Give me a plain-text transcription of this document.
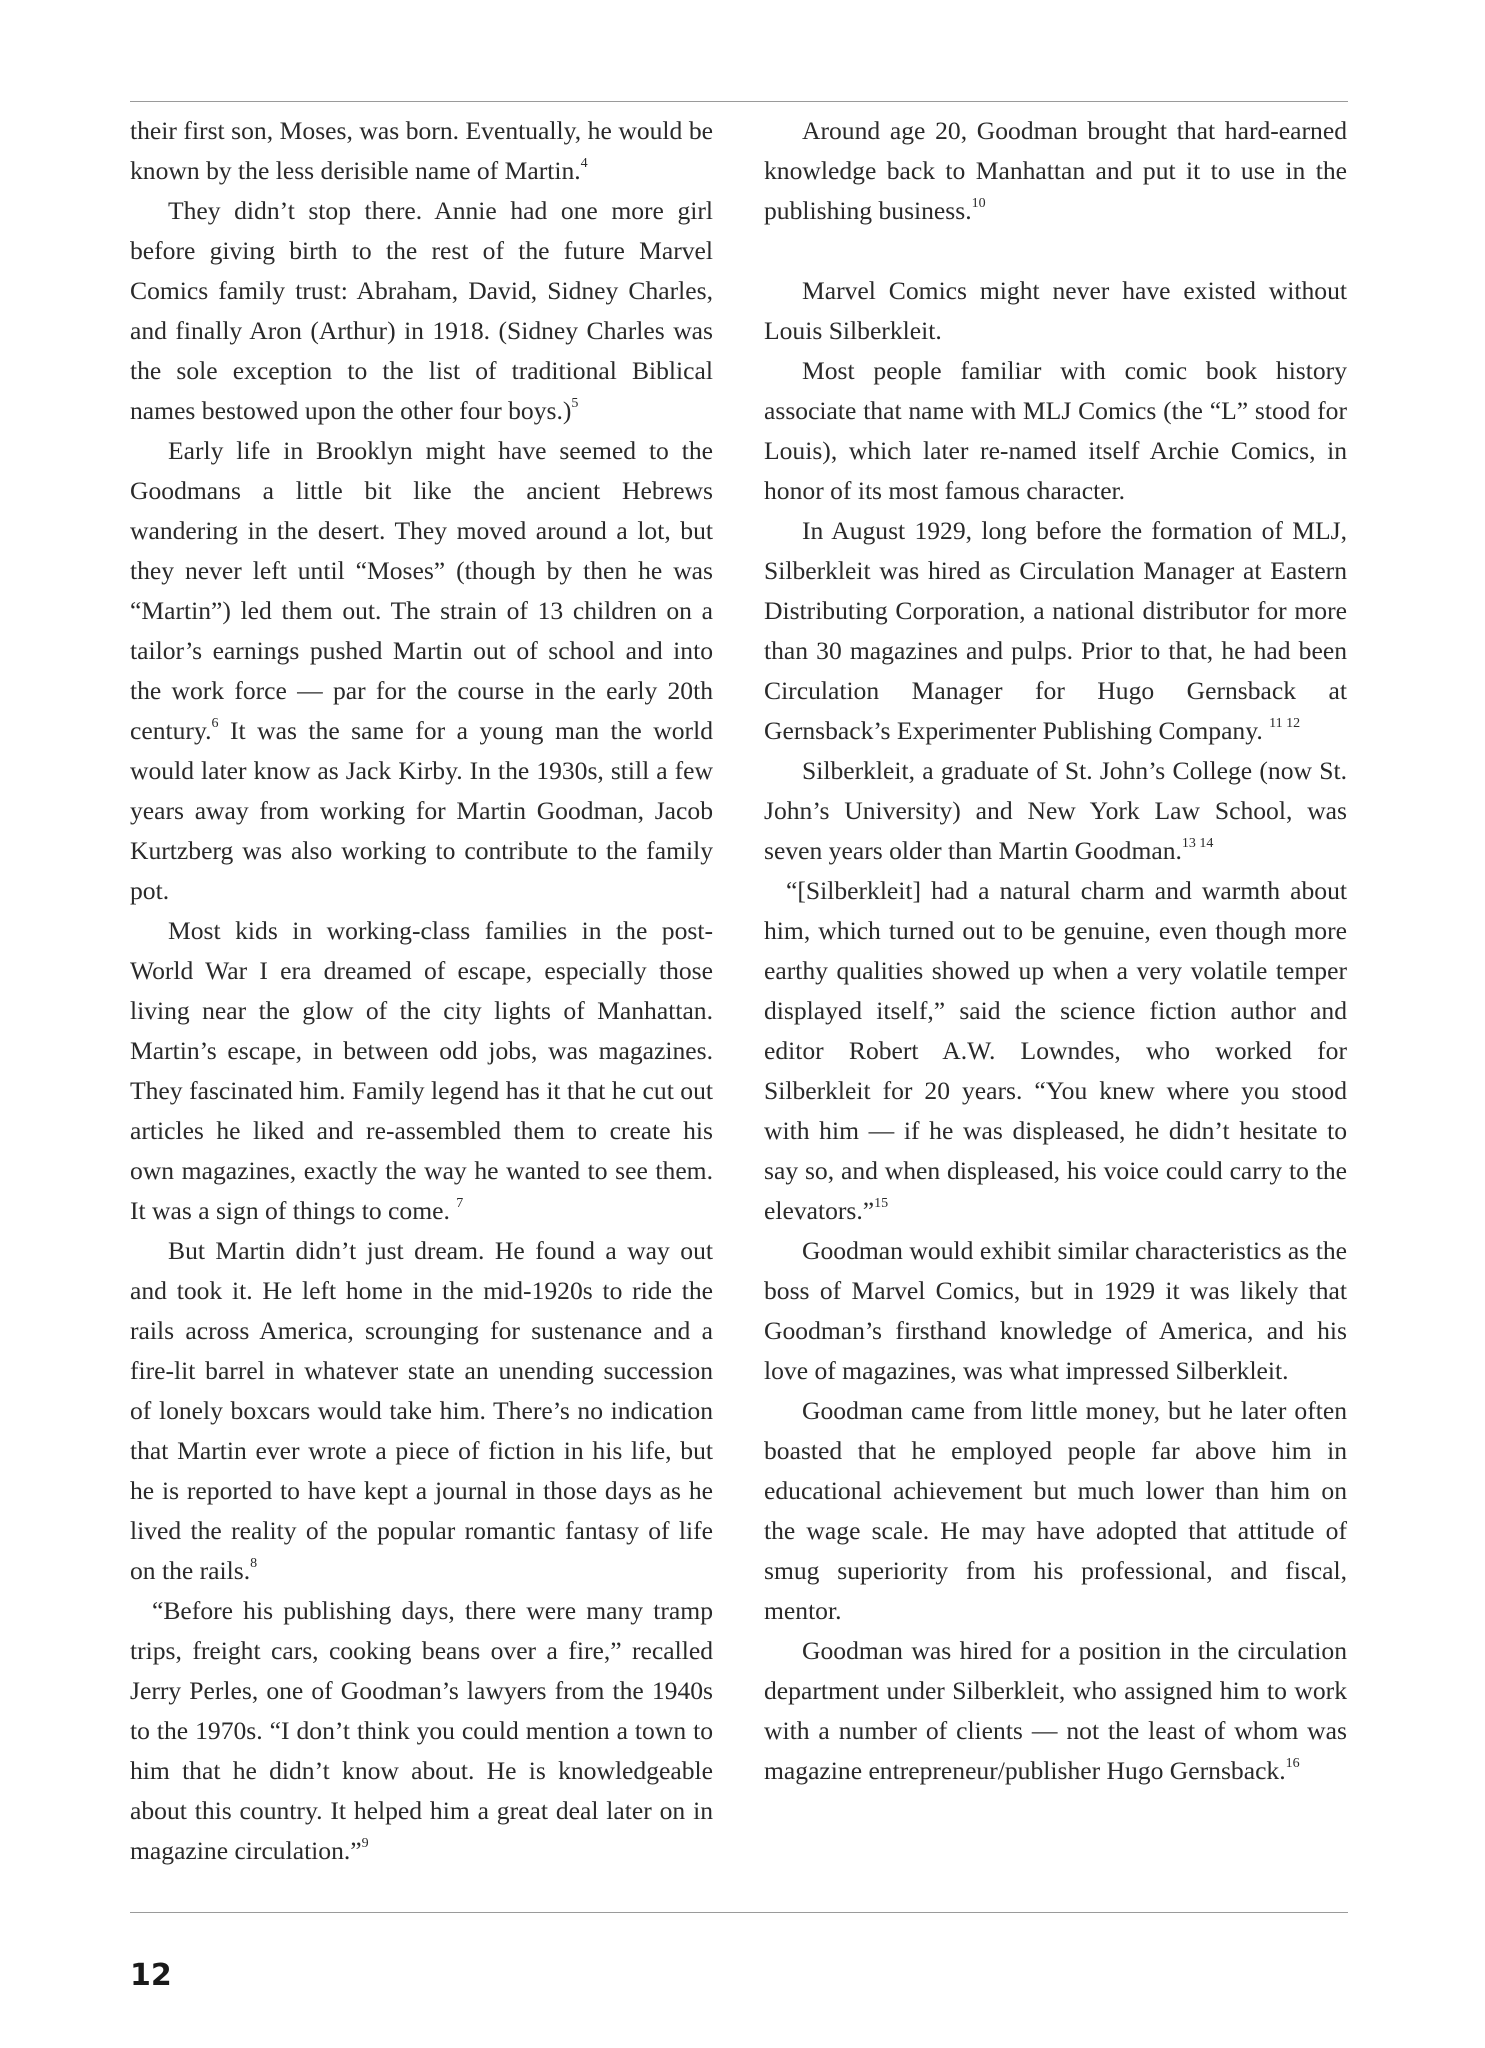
their first son, Moses, was born. Eventually, he would be known by the less derisible name of Martin.$^4$

They didn’t stop there. Annie had one more girl before giving birth to the rest of the future Marvel Comics family trust: Abraham, David, Sidney Charles, and finally Aron (Arthur) in 1918. (Sidney Charles was the sole exception to the list of traditional Biblical names bestowed upon the other four boys.)$^5$

Early life in Brooklyn might have seemed to the Goodmans a little bit like the ancient Hebrews wandering in the desert. They moved around a lot, but they never left until “Moses” (though by then he was “Martin”) led them out. The strain of 13 children on a tailor’s earnings pushed Martin out of school and into the work force — par for the course in the early 20th century.$^6$ It was the same for a young man the world would later know as Jack Kirby. In the 1930s, still a few years away from working for Martin Goodman, Jacob Kurtzberg was also working to contribute to the family pot.

Most kids in working-class families in the post-World War I era dreamed of escape, especially those living near the glow of the city lights of Manhattan. Martin’s escape, in between odd jobs, was magazines. They fascinated him. Family legend has it that he cut out articles he liked and re-assembled them to create his own magazines, exactly the way he wanted to see them. It was a sign of things to come. $^7$

But Martin didn’t just dream. He found a way out and took it. He left home in the mid-1920s to ride the rails across America, scrounging for sustenance and a fire-lit barrel in whatever state an unending succession of lonely boxcars would take him. There’s no indication that Martin ever wrote a piece of fiction in his life, but he is reported to have kept a journal in those days as he lived the reality of the popular romantic fantasy of life on the rails.$^8$

“Before his publishing days, there were many tramp trips, freight cars, cooking beans over a fire,” recalled Jerry Perles, one of Goodman’s lawyers from the 1940s to the 1970s. “I don’t think you could mention a town to him that he didn’t know about. He is knowledgeable about this country. It helped him a great deal later on in magazine circulation.”$^9$

Around age 20, Goodman brought that hard-earned knowledge back to Manhattan and put it to use in the publishing business.$^{10}$

Marvel Comics might never have existed without Louis Silberkleit.

Most people familiar with comic book history associate that name with MLJ Comics (the “L” stood for Louis), which later re-named itself Archie Comics, in honor of its most famous character.

In August 1929, long before the formation of MLJ, Silberkleit was hired as Circulation Manager at Eastern Distributing Corporation, a national distributor for more than 30 magazines and pulps. Prior to that, he had been Circulation Manager for Hugo Gernsback at Gernsback’s Experimenter Publishing Company. $^{11 12}$

Silberkleit, a graduate of St. John’s College (now St. John’s University) and New York Law School, was seven years older than Martin Goodman.$^{13 14}$

“[Silberkleit] had a natural charm and warmth about him, which turned out to be genuine, even though more earthy qualities showed up when a very volatile temper displayed itself,” said the science fiction author and editor Robert A.W. Lowndes, who worked for Silberkleit for 20 years. “You knew where you stood with him — if he was displeased, he didn’t hesitate to say so, and when displeased, his voice could carry to the elevators.”$^{15}$

Goodman would exhibit similar characteristics as the boss of Marvel Comics, but in 1929 it was likely that Goodman’s firsthand knowledge of America, and his love of magazines, was what impressed Silberkleit.

Goodman came from little money, but he later often boasted that he employed people far above him in educational achievement but much lower than him on the wage scale. He may have adopted that attitude of smug superiority from his professional, and fiscal, mentor.

Goodman was hired for a position in the circulation department under Silberkleit, who assigned him to work with a number of clients — not the least of whom was magazine entrepreneur/publisher Hugo Gernsback.$^{16}$

12
